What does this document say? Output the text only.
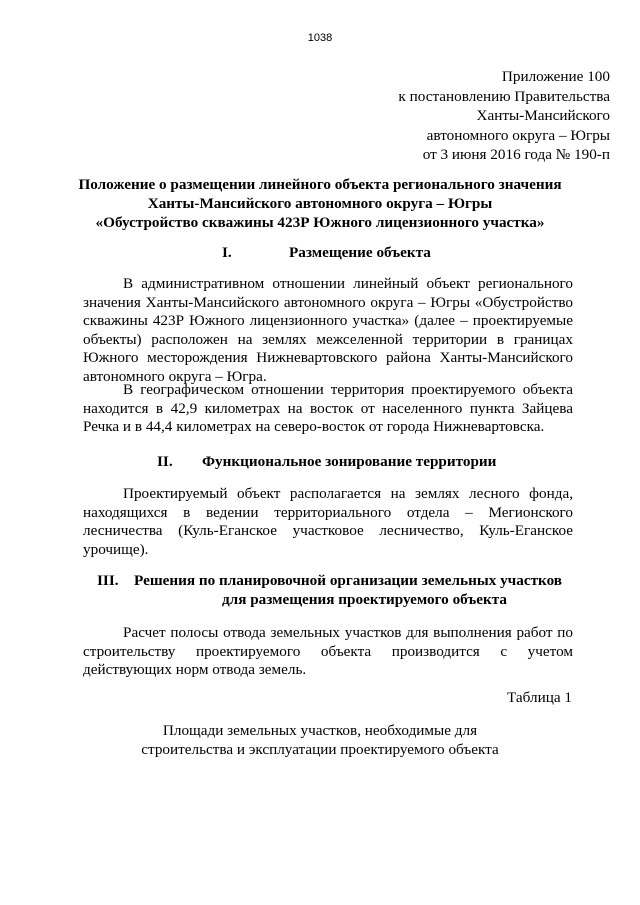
1038
Приложение 100
к постановлению Правительства
Ханты-Мансийского
автономного округа – Югры
от 3 июня 2016 года № 190-п
Положение о размещении линейного объекта регионального значения
Ханты-Мансийского автономного округа – Югры
«Обустройство скважины 423Р Южного лицензионного участка»
I.	Размещение объекта

В административном отношении линейный объект регионального значения Ханты-Мансийского автономного округа – Югры «Обустройство скважины 423Р Южного лицензионного участка» (далее – проектируемые объекты) расположен на землях межселенной территории в границах Южного месторождения Нижневартовского района Ханты-Мансийского автономного округа – Югра.

В географическом отношении территория проектируемого объекта находится в 42,9 километрах на восток от населенного пункта Зайцева Речка и в 44,4 километрах на северо-восток от города Нижневартовска.

II. Функциональное зонирование территории

Проектируемый объект располагается на землях лесного фонда, находящихся в ведении территориального отдела – Мегионского лесничества (Куль-Еганское участковое лесничество, Куль-Еганское урочище).

III. Решения по планировочной организации земельных участков
для размещения проектируемого объекта

Расчет полосы отвода земельных участков для выполнения работ по строительству проектируемого объекта производится с учетом действующих норм отвода земель.

Таблица 1
Площади земельных участков, необходимые для
строительства и эксплуатации проектируемого объекта
